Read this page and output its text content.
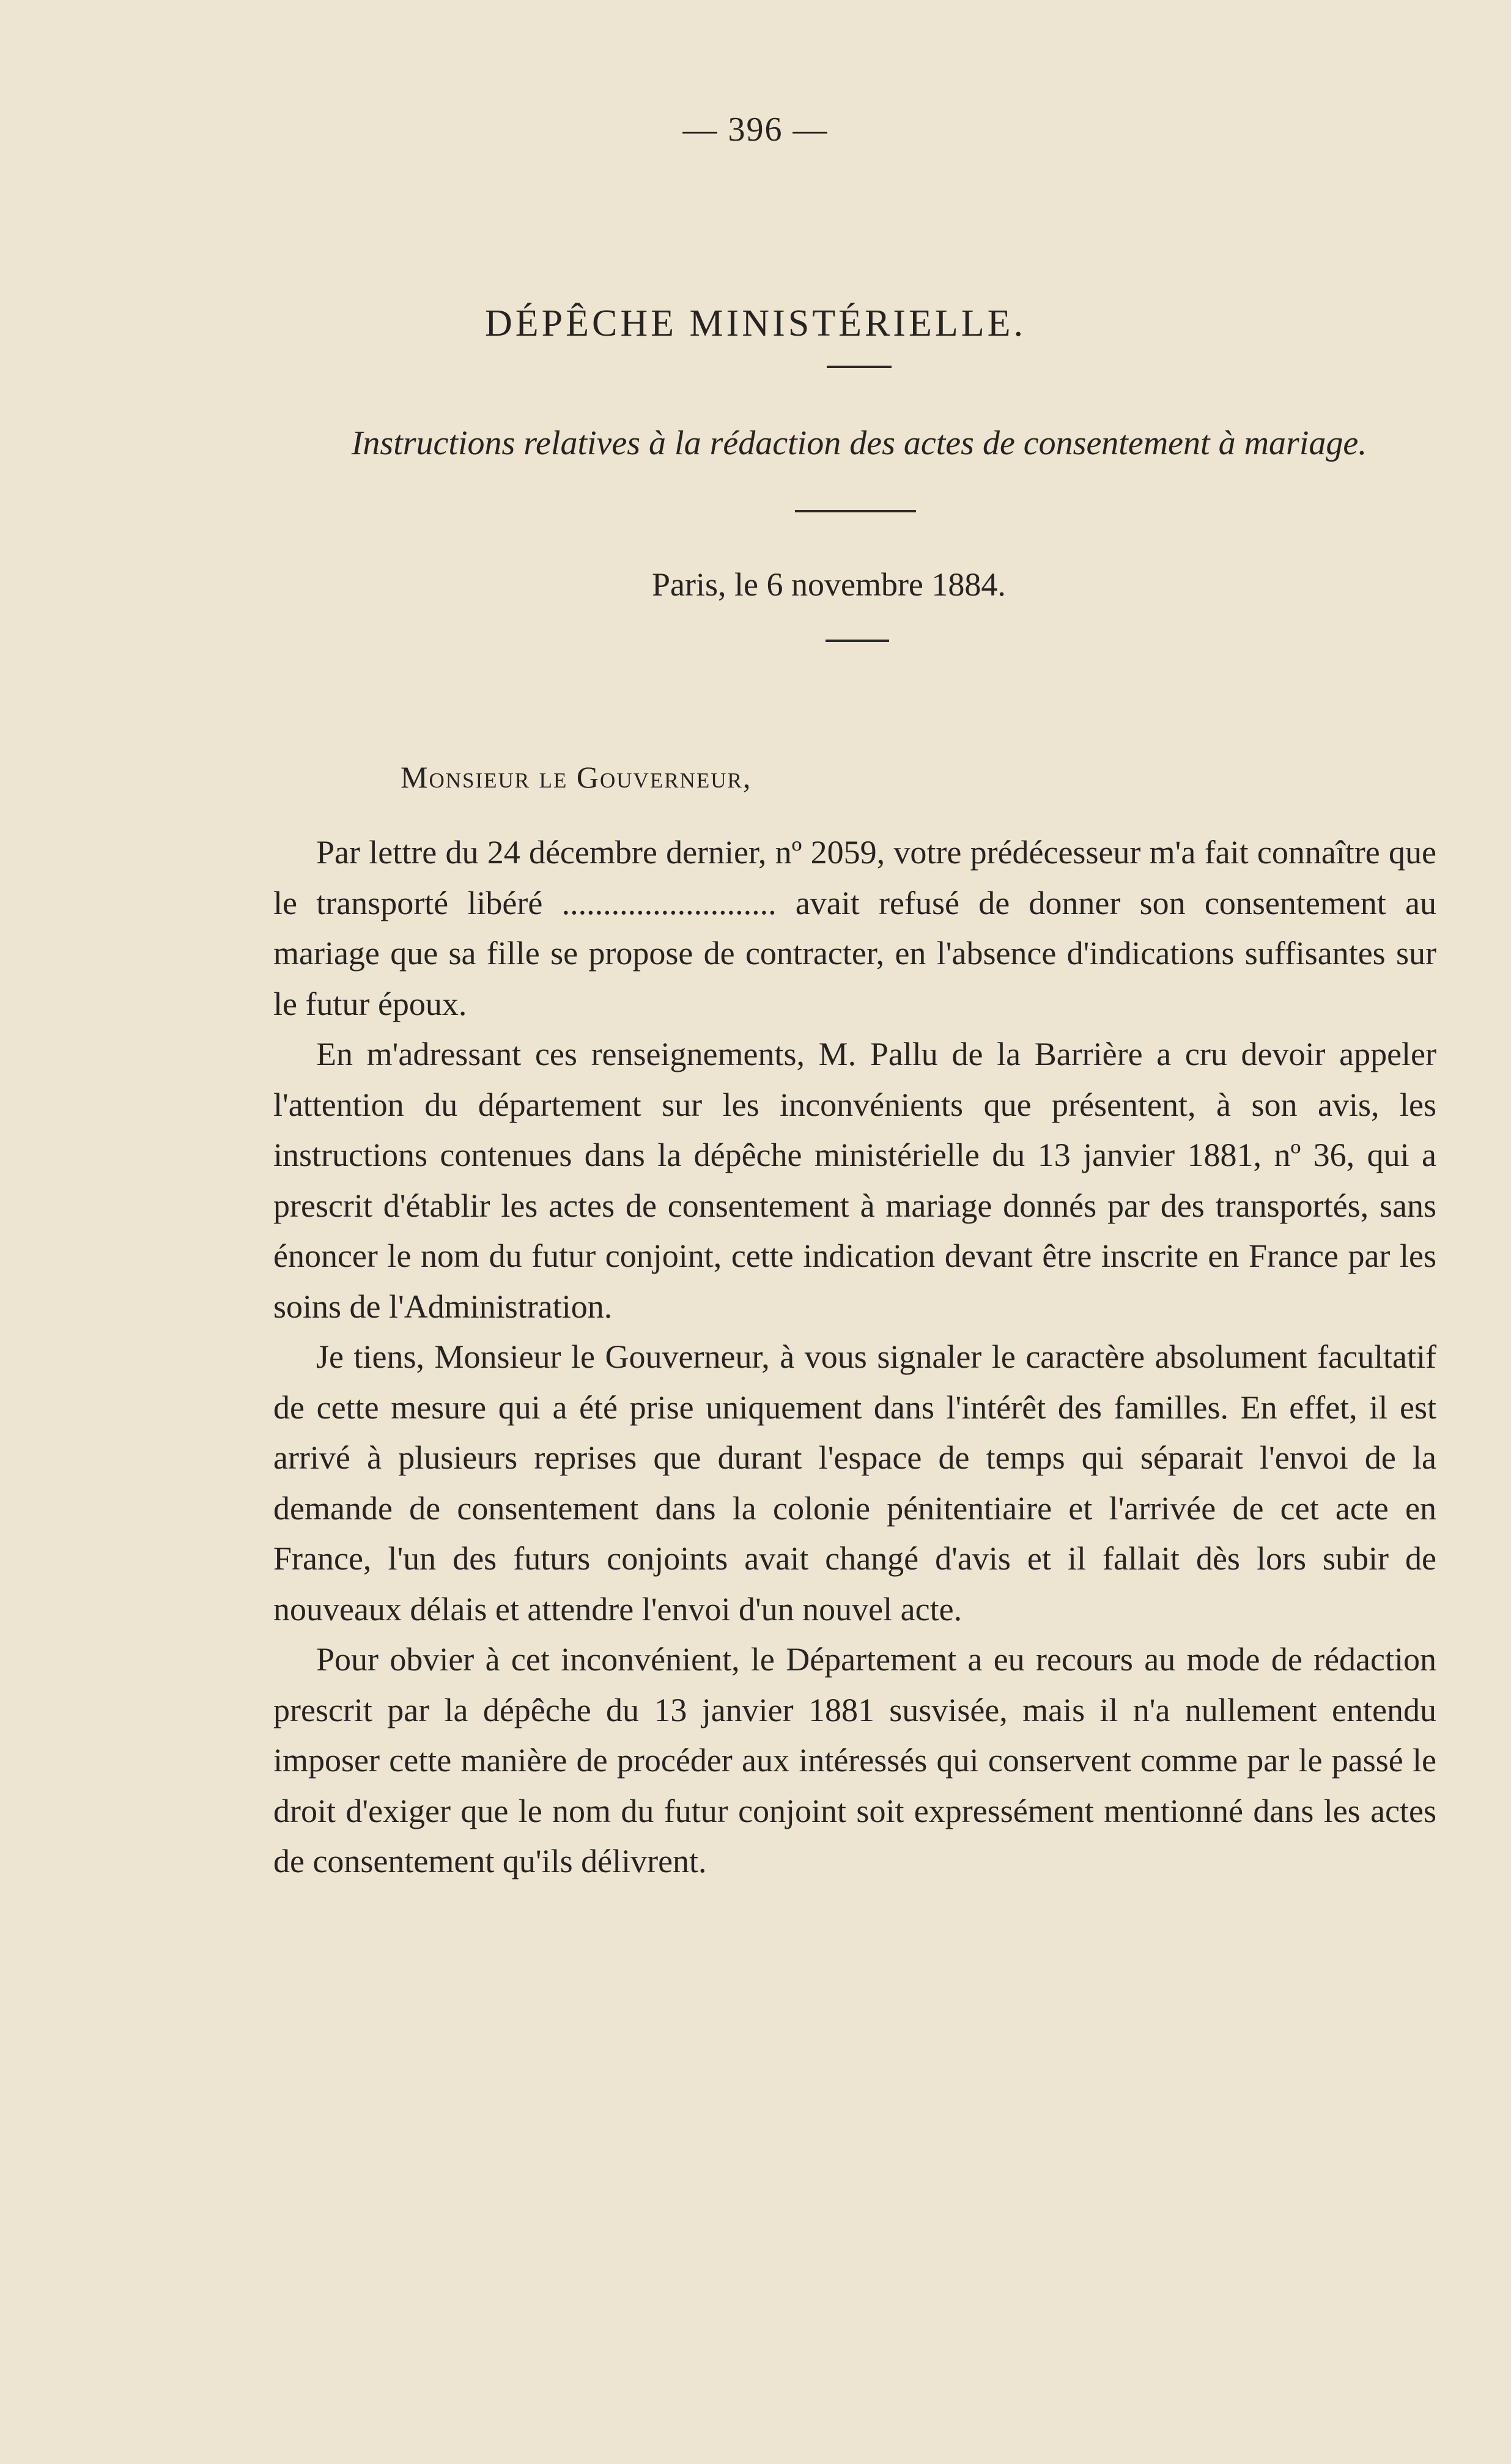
— 396 —
DÉPÊCHE MINISTÉRIELLE.
Instructions relatives à la rédaction des actes de consentement à mariage.
Paris, le 6 novembre 1884.
Monsieur le Gouverneur,

Par lettre du 24 décembre dernier, nº 2059, votre prédécesseur m'a fait connaître que le transporté libéré .......................... avait refusé de donner son consentement au mariage que sa fille se propose de contracter, en l'absence d'indications suffisantes sur le futur époux.

En m'adressant ces renseignements, M. Pallu de la Barrière a cru devoir appeler l'attention du département sur les inconvénients que présentent, à son avis, les instructions contenues dans la dépêche ministérielle du 13 janvier 1881, nº 36, qui a prescrit d'établir les actes de consentement à mariage donnés par des transportés, sans énoncer le nom du futur conjoint, cette indication devant être inscrite en France par les soins de l'Administration.

Je tiens, Monsieur le Gouverneur, à vous signaler le caractère absolument facultatif de cette mesure qui a été prise uniquement dans l'intérêt des familles. En effet, il est arrivé à plusieurs reprises que durant l'espace de temps qui séparait l'envoi de la demande de consentement dans la colonie pénitentiaire et l'arrivée de cet acte en France, l'un des futurs conjoints avait changé d'avis et il fallait dès lors subir de nouveaux délais et attendre l'envoi d'un nouvel acte.

Pour obvier à cet inconvénient, le Département a eu recours au mode de rédaction prescrit par la dépêche du 13 janvier 1881 susvisée, mais il n'a nullement entendu imposer cette manière de procéder aux intéressés qui conservent comme par le passé le droit d'exiger que le nom du futur conjoint soit expressément mentionné dans les actes de consentement qu'ils délivrent.
